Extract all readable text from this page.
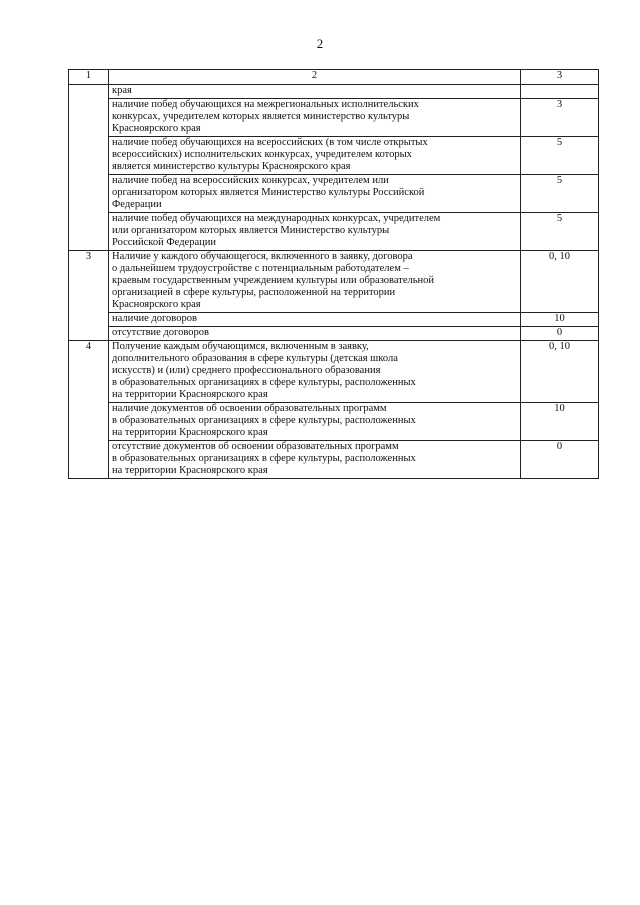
2
1	2	3
	края	
	наличие побед обучающихся на межрегиональных исполнительских
конкурсах, учредителем которых является министерство культуры
Красноярского края	3
	наличие побед обучающихся на всероссийских (в том числе открытых
всероссийских) исполнительских конкурсах, учредителем которых
является министерство культуры Красноярского края	5
	наличие побед на всероссийских конкурсах, учредителем или
организатором которых является Министерство культуры Российской
Федерации	5
	наличие побед обучающихся на международных конкурсах, учредителем
или организатором которых является Министерство культуры
Российской Федерации	5
3	Наличие у каждого обучающегося, включенного в заявку, договора
о дальнейшем трудоустройстве с потенциальным работодателем –
краевым государственным учреждением культуры или образовательной
организацией в сфере культуры, расположенной на территории
Красноярского края	0, 10
	наличие договоров	10
	отсутствие договоров	0
4	Получение каждым обучающимся, включенным в заявку,
дополнительного образования в сфере культуры (детская школа
искусств) и (или) среднего профессионального образования
в образовательных организациях в сфере культуры, расположенных
на территории Красноярского края	0, 10
	наличие документов об освоении образовательных программ
в образовательных организациях в сфере культуры, расположенных
на территории Красноярского края	10
	отсутствие документов об освоении образовательных программ
в образовательных организациях в сфере культуры, расположенных
на территории Красноярского края	0
